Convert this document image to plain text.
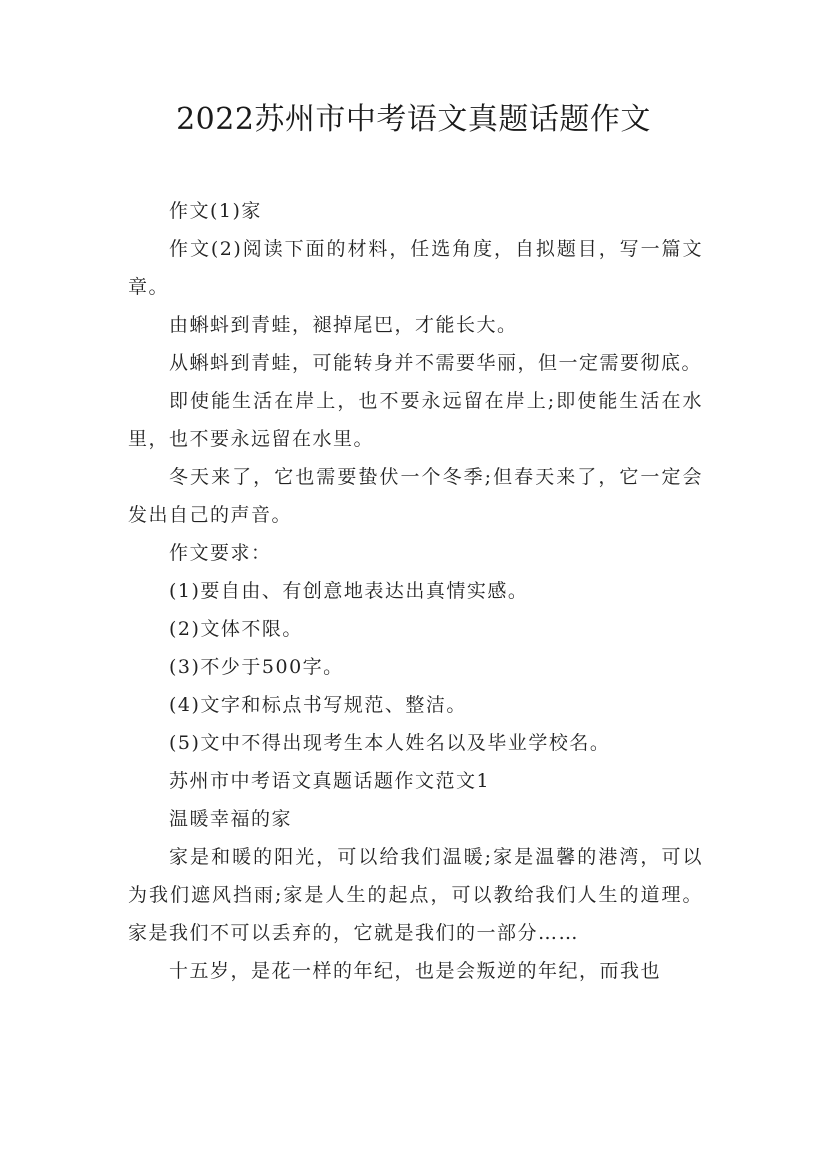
2022苏州市中考语文真题话题作文

作文(1)家

作文(2)阅读下面的材料，任选角度，自拟题目，写一篇文章。

由蝌蚪到青蛙，褪掉尾巴，才能长大。

从蝌蚪到青蛙，可能转身并不需要华丽，但一定需要彻底。

即使能生活在岸上，也不要永远留在岸上;即使能生活在水里，也不要永远留在水里。

冬天来了，它也需要蛰伏一个冬季;但春天来了，它一定会发出自己的声音。

作文要求：

(1)要自由、有创意地表达出真情实感。

(2)文体不限。

(3)不少于500字。

(4)文字和标点书写规范、整洁。

(5)文中不得出现考生本人姓名以及毕业学校名。

苏州市中考语文真题话题作文范文1

温暖幸福的家

家是和暖的阳光，可以给我们温暖;家是温馨的港湾，可以为我们遮风挡雨;家是人生的起点，可以教给我们人生的道理。家是我们不可以丢弃的，它就是我们的一部分……

十五岁，是花一样的年纪，也是会叛逆的年纪，而我也
